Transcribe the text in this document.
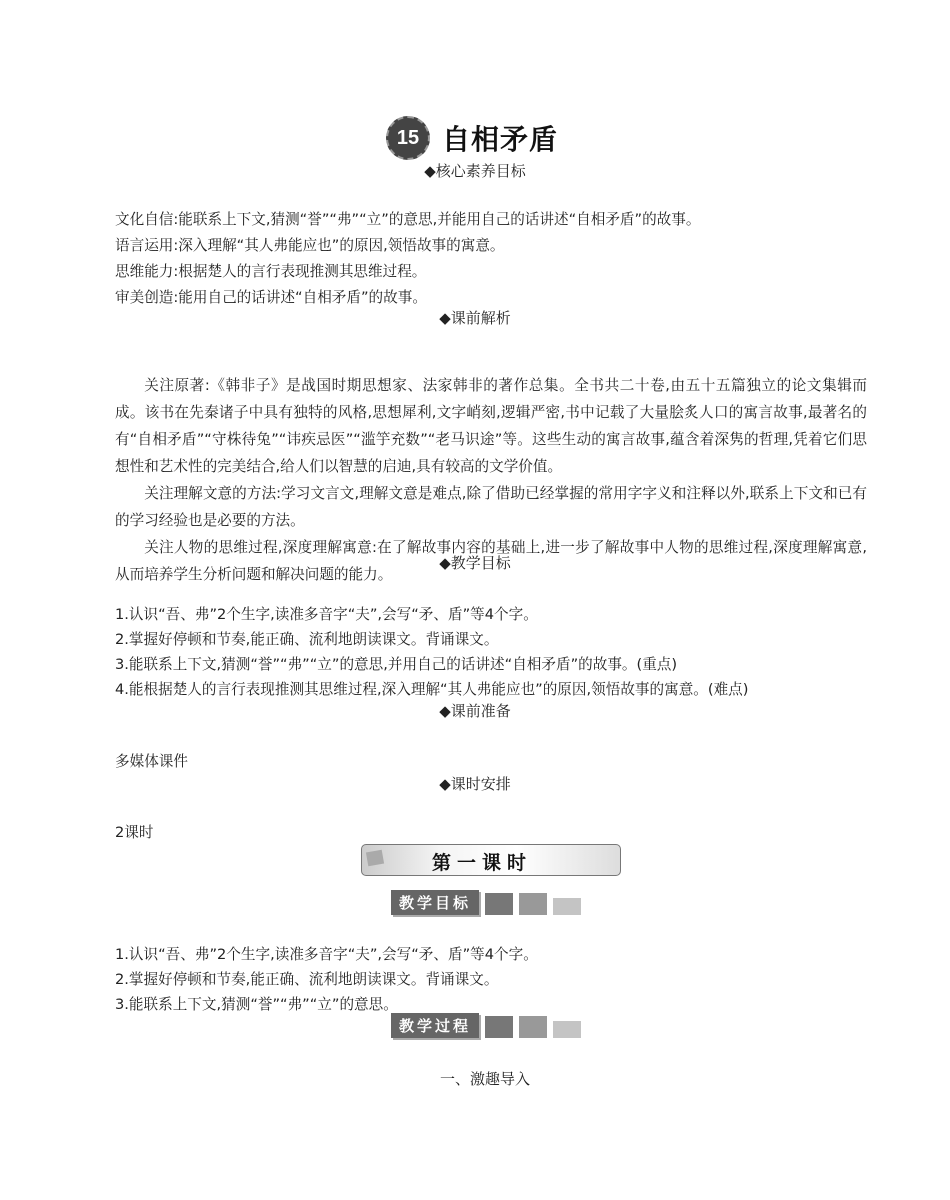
15 自相矛盾
◆核心素养目标
文化自信:能联系上下文,猜测“誉”“弗”“立”的意思,并能用自己的话讲述“自相矛盾”的故事。
语言运用:深入理解“其人弗能应也”的原因,领悟故事的寓意。
思维能力:根据楚人的言行表现推测其思维过程。
审美创造:能用自己的话讲述“自相矛盾”的故事。
◆课前解析

关注原著:《韩非子》是战国时期思想家、法家韩非的著作总集。全书共二十卷,由五十五篇独立的论文集辑而成。该书在先秦诸子中具有独特的风格,思想犀利,文字峭刻,逻辑严密,书中记载了大量脍炙人口的寓言故事,最著名的有“自相矛盾”“守株待兔”“讳疾忌医”“滥竽充数”“老马识途”等。这些生动的寓言故事,蕴含着深隽的哲理,凭着它们思想性和艺术性的完美结合,给人们以智慧的启迪,具有较高的文学价值。

关注理解文意的方法:学习文言文,理解文意是难点,除了借助已经掌握的常用字字义和注释以外,联系上下文和已有的学习经验也是必要的方法。

关注人物的思维过程,深度理解寓意:在了解故事内容的基础上,进一步了解故事中人物的思维过程,深度理解寓意,从而培养学生分析问题和解决问题的能力。

◆教学目标
1.认识“吾、弗”2个生字,读准多音字“夫”,会写“矛、盾”等4个字。
2.掌握好停顿和节奏,能正确、流利地朗读课文。背诵课文。
3.能联系上下文,猜测“誉”“弗”“立”的意思,并用自己的话讲述“自相矛盾”的故事。(重点)
4.能根据楚人的言行表现推测其思维过程,深入理解“其人弗能应也”的原因,领悟故事的寓意。(难点)
◆课前准备
多媒体课件
◆课时安排
2课时
第一课时
教学目标
1.认识“吾、弗”2个生字,读准多音字“夫”,会写“矛、盾”等4个字。
2.掌握好停顿和节奏,能正确、流利地朗读课文。背诵课文。
3.能联系上下文,猜测“誉”“弗”“立”的意思。
教学过程
一、激趣导入
